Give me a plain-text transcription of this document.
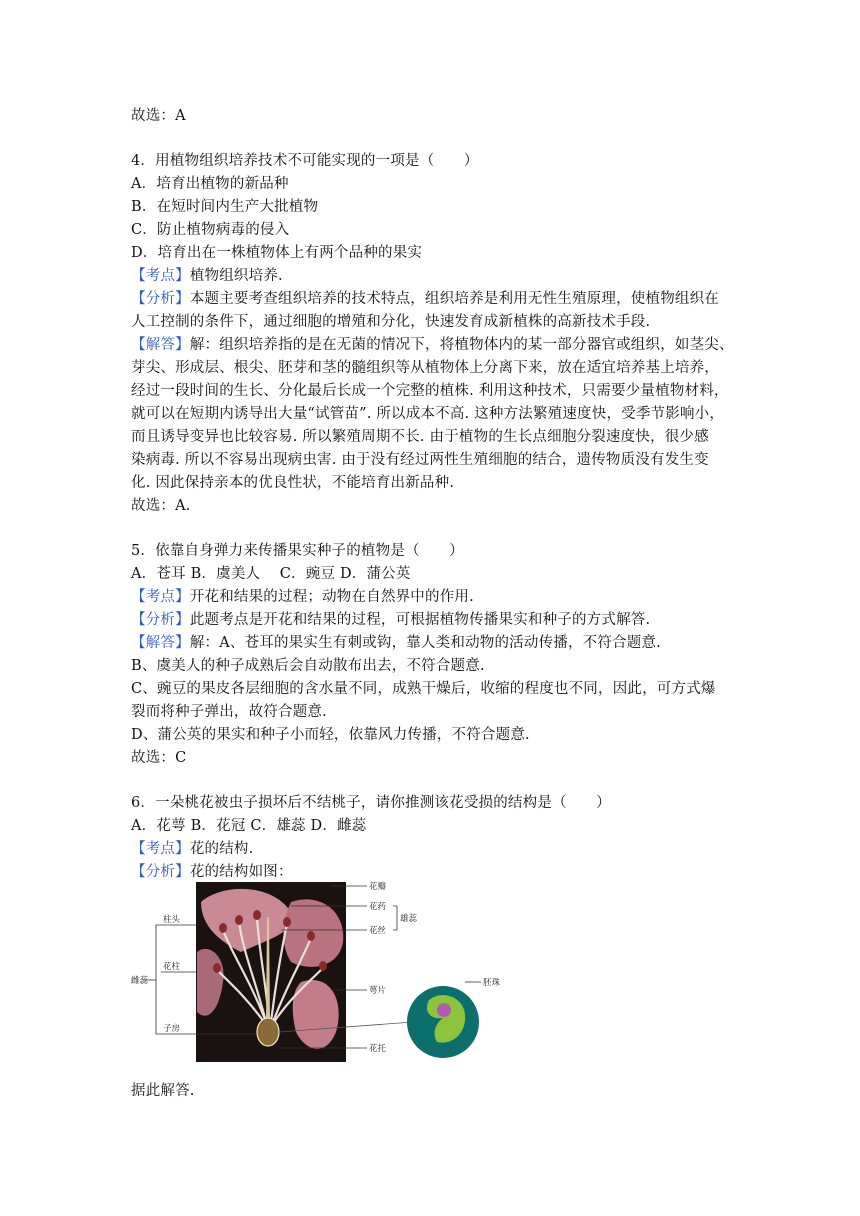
故选：A
4．用植物组织培养技术不可能实现的一项是（　　）
A．培育出植物的新品种
B．在短时间内生产大批植物
C．防止植物病毒的侵入
D．培育出在一株植物体上有两个品种的果实
【考点】植物组织培养.
【分析】本题主要考查组织培养的技术特点，组织培养是利用无性生殖原理，使植物组织在
人工控制的条件下，通过细胞的增殖和分化，快速发育成新植株的高新技术手段.
【解答】解：组织培养指的是在无菌的情况下，将植物体内的某一部分器官或组织，如茎尖、
芽尖、形成层、根尖、胚芽和茎的髓组织等从植物体上分离下来，放在适宜培养基上培养，
经过一段时间的生长、分化最后长成一个完整的植株. 利用这种技术，只需要少量植物材料，
就可以在短期内诱导出大量“试管苗”. 所以成本不高. 这种方法繁殖速度快，受季节影响小，
而且诱导变异也比较容易. 所以繁殖周期不长. 由于植物的生长点细胞分裂速度快，很少感
染病毒. 所以不容易出现病虫害. 由于没有经过两性生殖细胞的结合，遗传物质没有发生变
化. 因此保持亲本的优良性状，不能培育出新品种.
故选：A.
5．依靠自身弹力来传播果实种子的植物是（　　）
A．苍耳 B．虞美人　 C．豌豆 D．蒲公英
【考点】开花和结果的过程；动物在自然界中的作用.
【分析】此题考点是开花和结果的过程，可根据植物传播果实和种子的方式解答.
【解答】解：A、苍耳的果实生有刺或钩，靠人类和动物的活动传播，不符合题意.
B、虞美人的种子成熟后会自动散布出去，不符合题意.
C、豌豆的果皮各层细胞的含水量不同，成熟干燥后，收缩的程度也不同，因此，可方式爆
裂而将种子弹出，故符合题意.
D、蒲公英的果实和种子小而轻，依靠风力传播，不符合题意.
故选：C
6．一朵桃花被虫子损坏后不结桃子，请你推测该花受损的结构是（　　）
A．花萼 B．花冠 C．雄蕊 D．雌蕊
【考点】花的结构.
【分析】花的结构如图：
花瓣
花药
花丝
雄蕊
萼片
花托
胚珠
柱头
花柱
子房
雌蕊
据此解答.
